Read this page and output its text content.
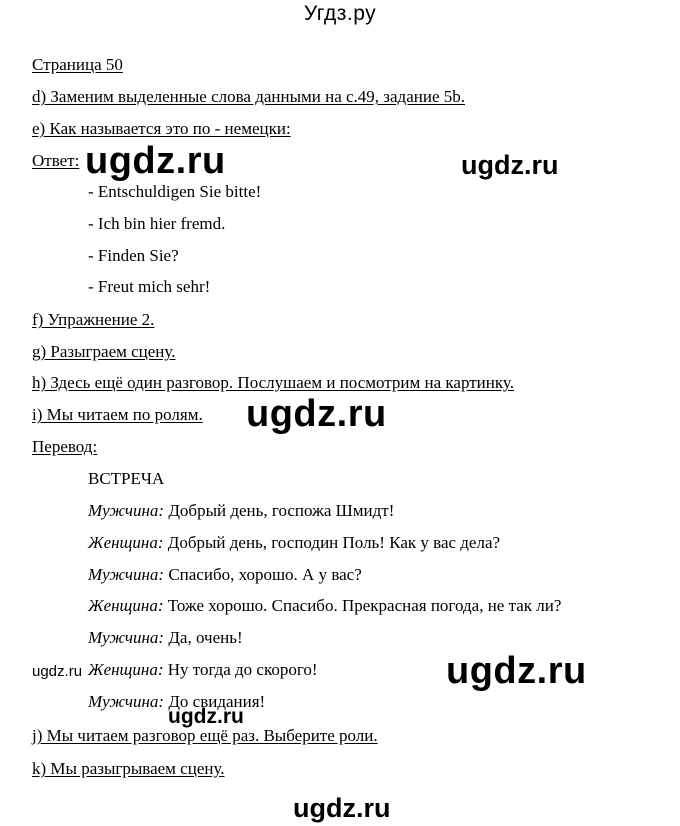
Угдз.ру
Страница 50
d) Заменим выделенные слова данными на с.49, задание 5b.
e) Как называется это по - немецки:
Ответ:
- Entschuldigen Sie bitte!
- Ich bin hier fremd.
- Finden Sie?
- Freut mich sehr!
f) Упражнение 2.
g) Разыграем сцену.
h) Здесь ещё один разговор. Послушаем и посмотрим на картинку.
i) Мы читаем по ролям.
Перевод:
ВСТРЕЧА
Мужчина: Добрый день, госпожа Шмидт!
Женщина: Добрый день, господин Поль! Как у вас дела?
Мужчина: Спасибо, хорошо. А у вас?
Женщина: Тоже хорошо. Спасибо. Прекрасная погода, не так ли?
Мужчина: Да, очень!
Женщина: Ну тогда до скорого!
Мужчина: До свидания!
j) Мы читаем разговор ещё раз. Выберите роли.
k) Мы разыгрываем сцену.
ugdz.ru	ugdz.ru
ugdz.ru
ugdz.ru	ugdz.ru
ugdz.ru
ugdz.ru
